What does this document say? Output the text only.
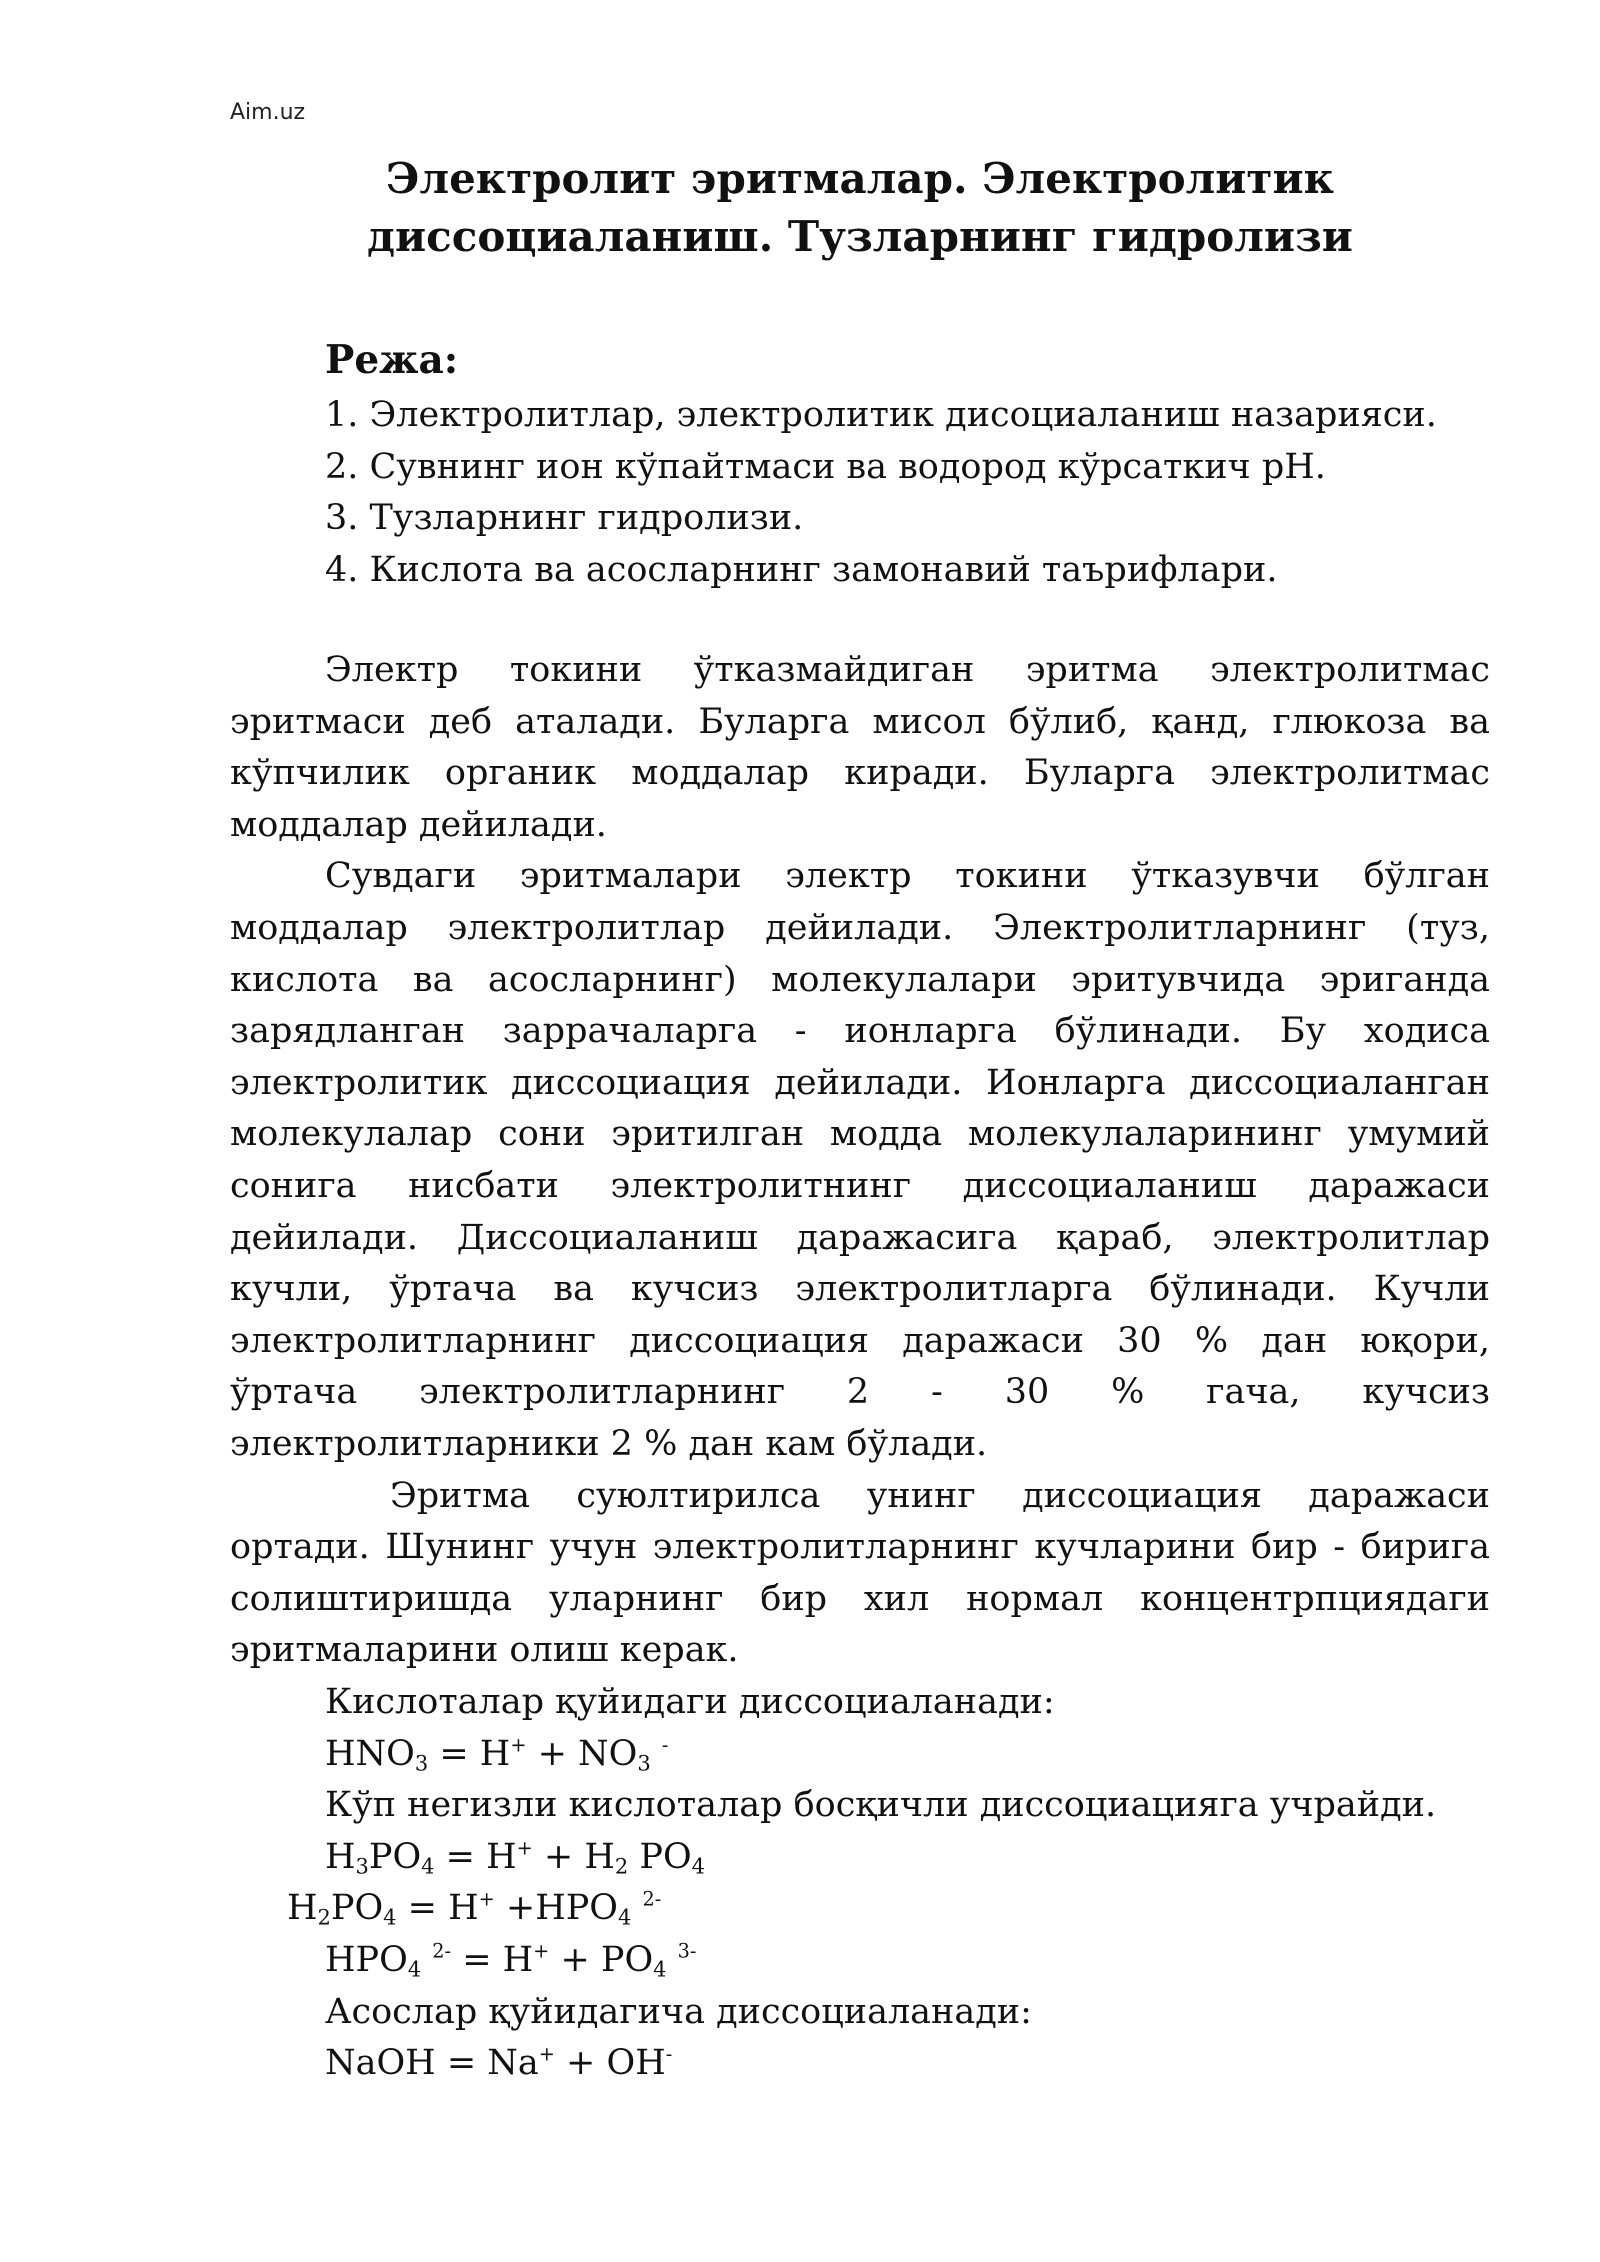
Aim.uz
Электролит эритмалар. Электролитик
диссоциаланиш. Тузларнинг гидролизи
Режа:
1. Электролитлар, электролитик дисоциаланиш назарияси.
2. Сувнинг ион кўпайтмаси ва водород кўрсаткич pH.
3. Тузларнинг гидролизи.
4. Кислота ва асосларнинг замонавий таърифлари.

Электр токини ўтказмайдиган эритма электролитмас эритмаси деб аталади. Буларга мисол бўлиб, қанд, глюкоза ва кўпчилик органик моддалар киради. Буларга электролитмас моддалар дейилади.

Сувдаги эритмалари электр токини ўтказувчи бўлган моддалар электролитлар дейилади. Электролитларнинг (туз, кислота ва асосларнинг) молекулалари эритувчида эриганда зарядланган заррачаларга - ионларга бўлинади. Бу ходиса электролитик диссоциация дейилади. Ионларга диссоциаланган молекулалар сони эритилган модда молекулаларининг умумий сонига нисбати электролитнинг диссоциаланиш даражаси дейилади. Диссоциаланиш даражасига қараб, электролитлар кучли, ўртача ва кучсиз электролитларга бўлинади. Кучли электролитларнинг диссоциация даражаси 30 % дан юқори, ўртача электролитларнинг 2 - 30 % гача, кучсиз электролитларники 2 % дан кам бўлади.

Эритма суюлтирилса унинг диссоциация даражаси ортади. Шунинг учун электролитларнинг кучларини бир - бирига солиштиришда уларнинг бир хил нормал концентрпциядаги эритмаларини олиш керак.

Кислоталар қуйидаги диссоциаланади:
$HNO_3 = H^+ + NO_3$ -
Кўп негизли кислоталар босқичли диссоциацияга учрайди.
$H_3PO_4 = H^+ + H_2$ $PO_4$
$H_2PO_4 = H^+ +HPO_4$ $^{2-}$
$HPO_4$ $^{2-} = H^+ + PO_4$ $^{3-}$
Асослар қуйидагича диссоциаланади:
NaOH = Na+ + OH-
